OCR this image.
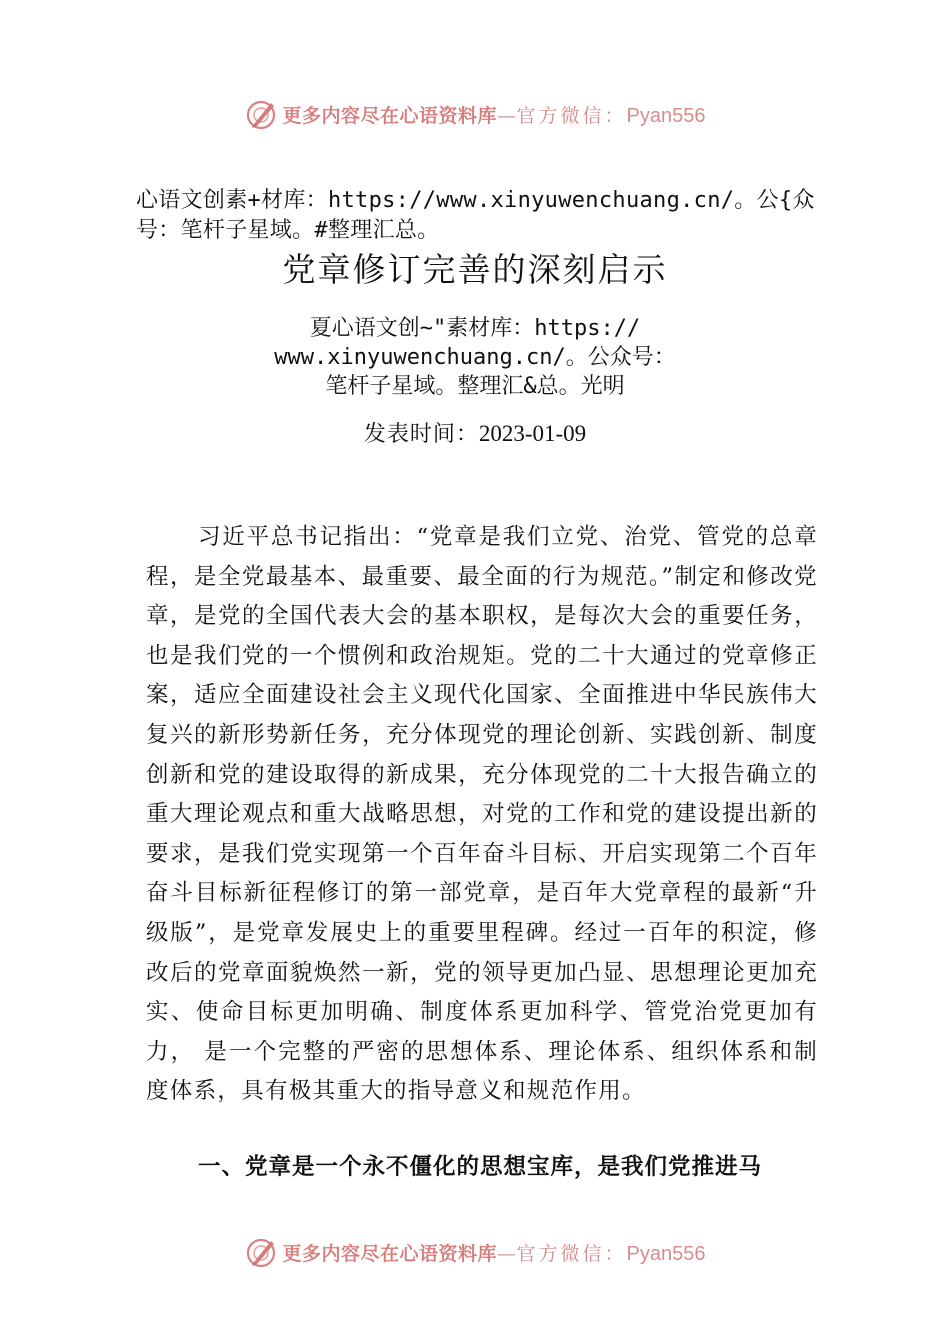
更多内容尽在心语资料库—官方微信：Pyan556
心语文创素+材库：https://www.xinyuwenchuang.cn/。公{众号：笔杆子星域。#整理汇总。
党章修订完善的深刻启示
夏心语文创~"素材库：https://
www.xinyuwenchuang.cn/。公众号：
笔杆子星域。整理汇&总。光明
发表时间：2023-01-09

习近平总书记指出：“党章是我们立党、治党、管党的总章程，是全党最基本、最重要、最全面的行为规范。”制定和修改党章，是党的全国代表大会的基本职权，是每次大会的重要任务，也是我们党的一个惯例和政治规矩。党的二十大通过的党章修正案，适应全面建设社会主义现代化国家、全面推进中华民族伟大复兴的新形势新任务，充分体现党的理论创新、实践创新、制度创新和党的建设取得的新成果，充分体现党的二十大报告确立的重大理论观点和重大战略思想，对党的工作和党的建设提出新的要求，是我们党实现第一个百年奋斗目标、开启实现第二个百年奋斗目标新征程修订的第一部党章，是百年大党章程的最新“升级版”，是党章发展史上的重要里程碑。经过一百年的积淀，修改后的党章面貌焕然一新，党的领导更加凸显、思想理论更加充实、使命目标更加明确、制度体系更加科学、管党治党更加有力， 是一个完整的严密的思想体系、理论体系、组织体系和制度体系，具有极其重大的指导意义和规范作用。

一、党章是一个永不僵化的思想宝库，是我们党推进马

更多内容尽在心语资料库—官方微信：Pyan556
